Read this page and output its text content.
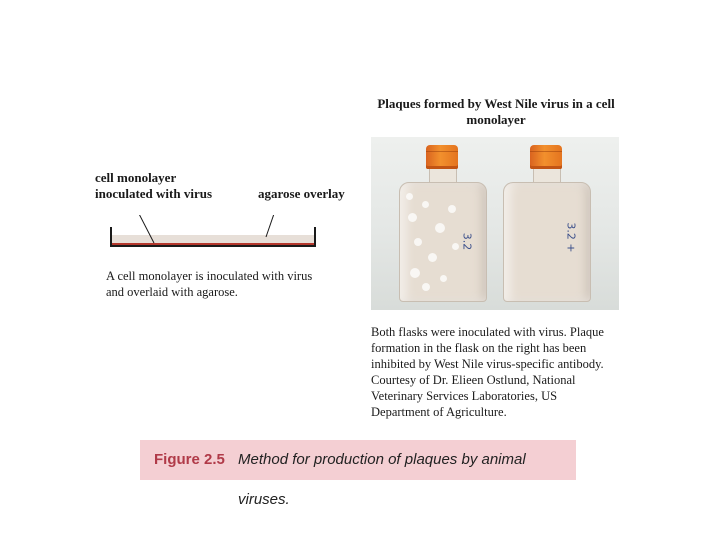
cell monolayer
inoculated with virus	agarose overlay
A cell monolayer is inoculated with virus
and overlaid with agarose.
Plaques formed by West Nile virus in a cell
monolayer
3.2	3.2 +
Both flasks were inoculated with virus. Plaque
formation in the flask on the right has been
inhibited by West Nile virus-specific antibody.
Courtesy of Dr. Elieen Ostlund, National
Veterinary Services Laboratories, US
Department of Agriculture.
Figure 2.5 Method for production of plaques by animal viruses.
